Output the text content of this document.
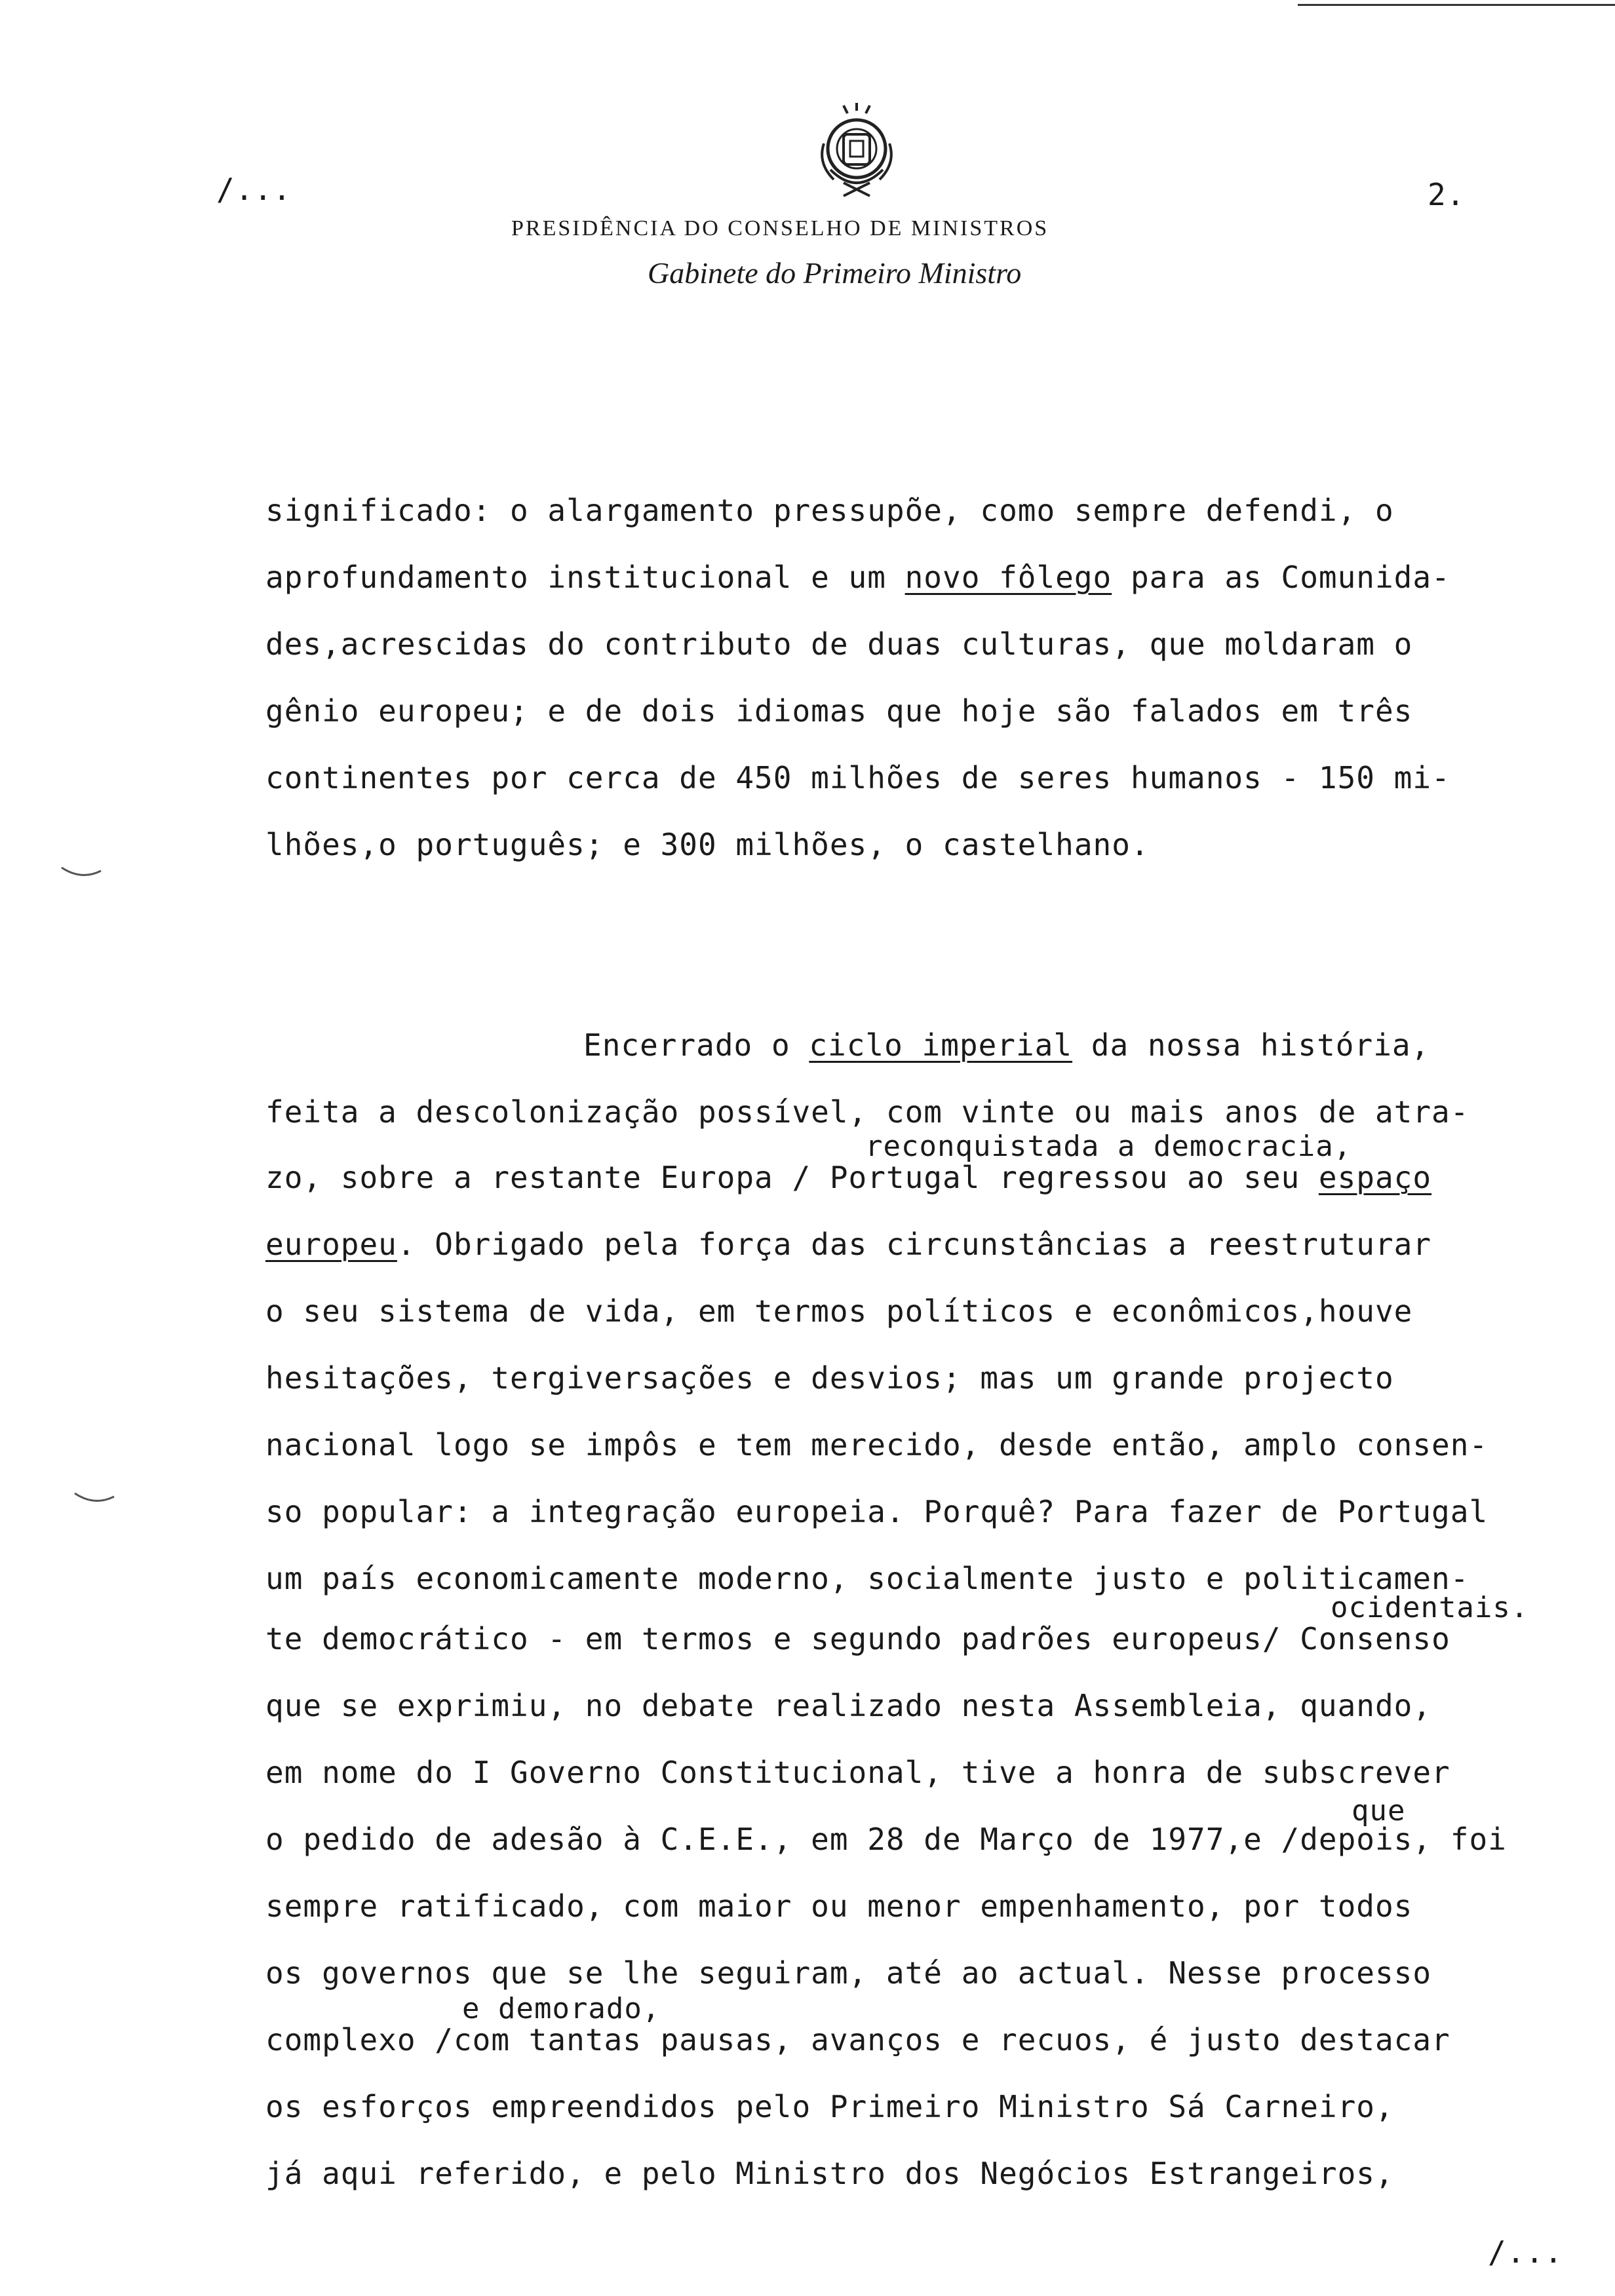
/...	2.

PRESIDÊNCIA DO CONSELHO DE MINISTROS
Gabinete do Primeiro Ministro
significado: o alargamento pressupõe, como sempre defendi, o
aprofundamento institucional e um novo fôlego para as Comunida-
des,acrescidas do contributo de duas culturas, que moldaram o
gênio europeu; e de dois idiomas que hoje são falados em três
continentes por cerca de 450 milhões de seres humanos - 150 mi-
lhões,o português; e 300 milhões, o castelhano.
Encerrado o ciclo imperial da nossa história,
feita a descolonização possível, com vinte ou mais anos de atra-
reconquistada a democracia,
zo, sobre a restante Europa / Portugal regressou ao seu espaço
europeu. Obrigado pela força das circunstâncias a reestruturar
o seu sistema de vida, em termos políticos e econômicos,houve
hesitações, tergiversações e desvios; mas um grande projecto
nacional logo se impôs e tem merecido, desde então, amplo consen-
so popular: a integração europeia. Porquê? Para fazer de Portugal
um país economicamente moderno, socialmente justo e politicamen-
ocidentais.
te democrático - em termos e segundo padrões europeus/ Consenso
que se exprimiu, no debate realizado nesta Assembleia, quando,
em nome do I Governo Constitucional, tive a honra de subscrever
que
o pedido de adesão à C.E.E., em 28 de Março de 1977,e /depois, foi
sempre ratificado, com maior ou menor empenhamento, por todos
os governos que se lhe seguiram, até ao actual. Nesse processo
e demorado,
complexo /com tantas pausas, avanços e recuos, é justo destacar
os esforços empreendidos pelo Primeiro Ministro Sá Carneiro,
já aqui referido, e pelo Ministro dos Negócios Estrangeiros,
/...
